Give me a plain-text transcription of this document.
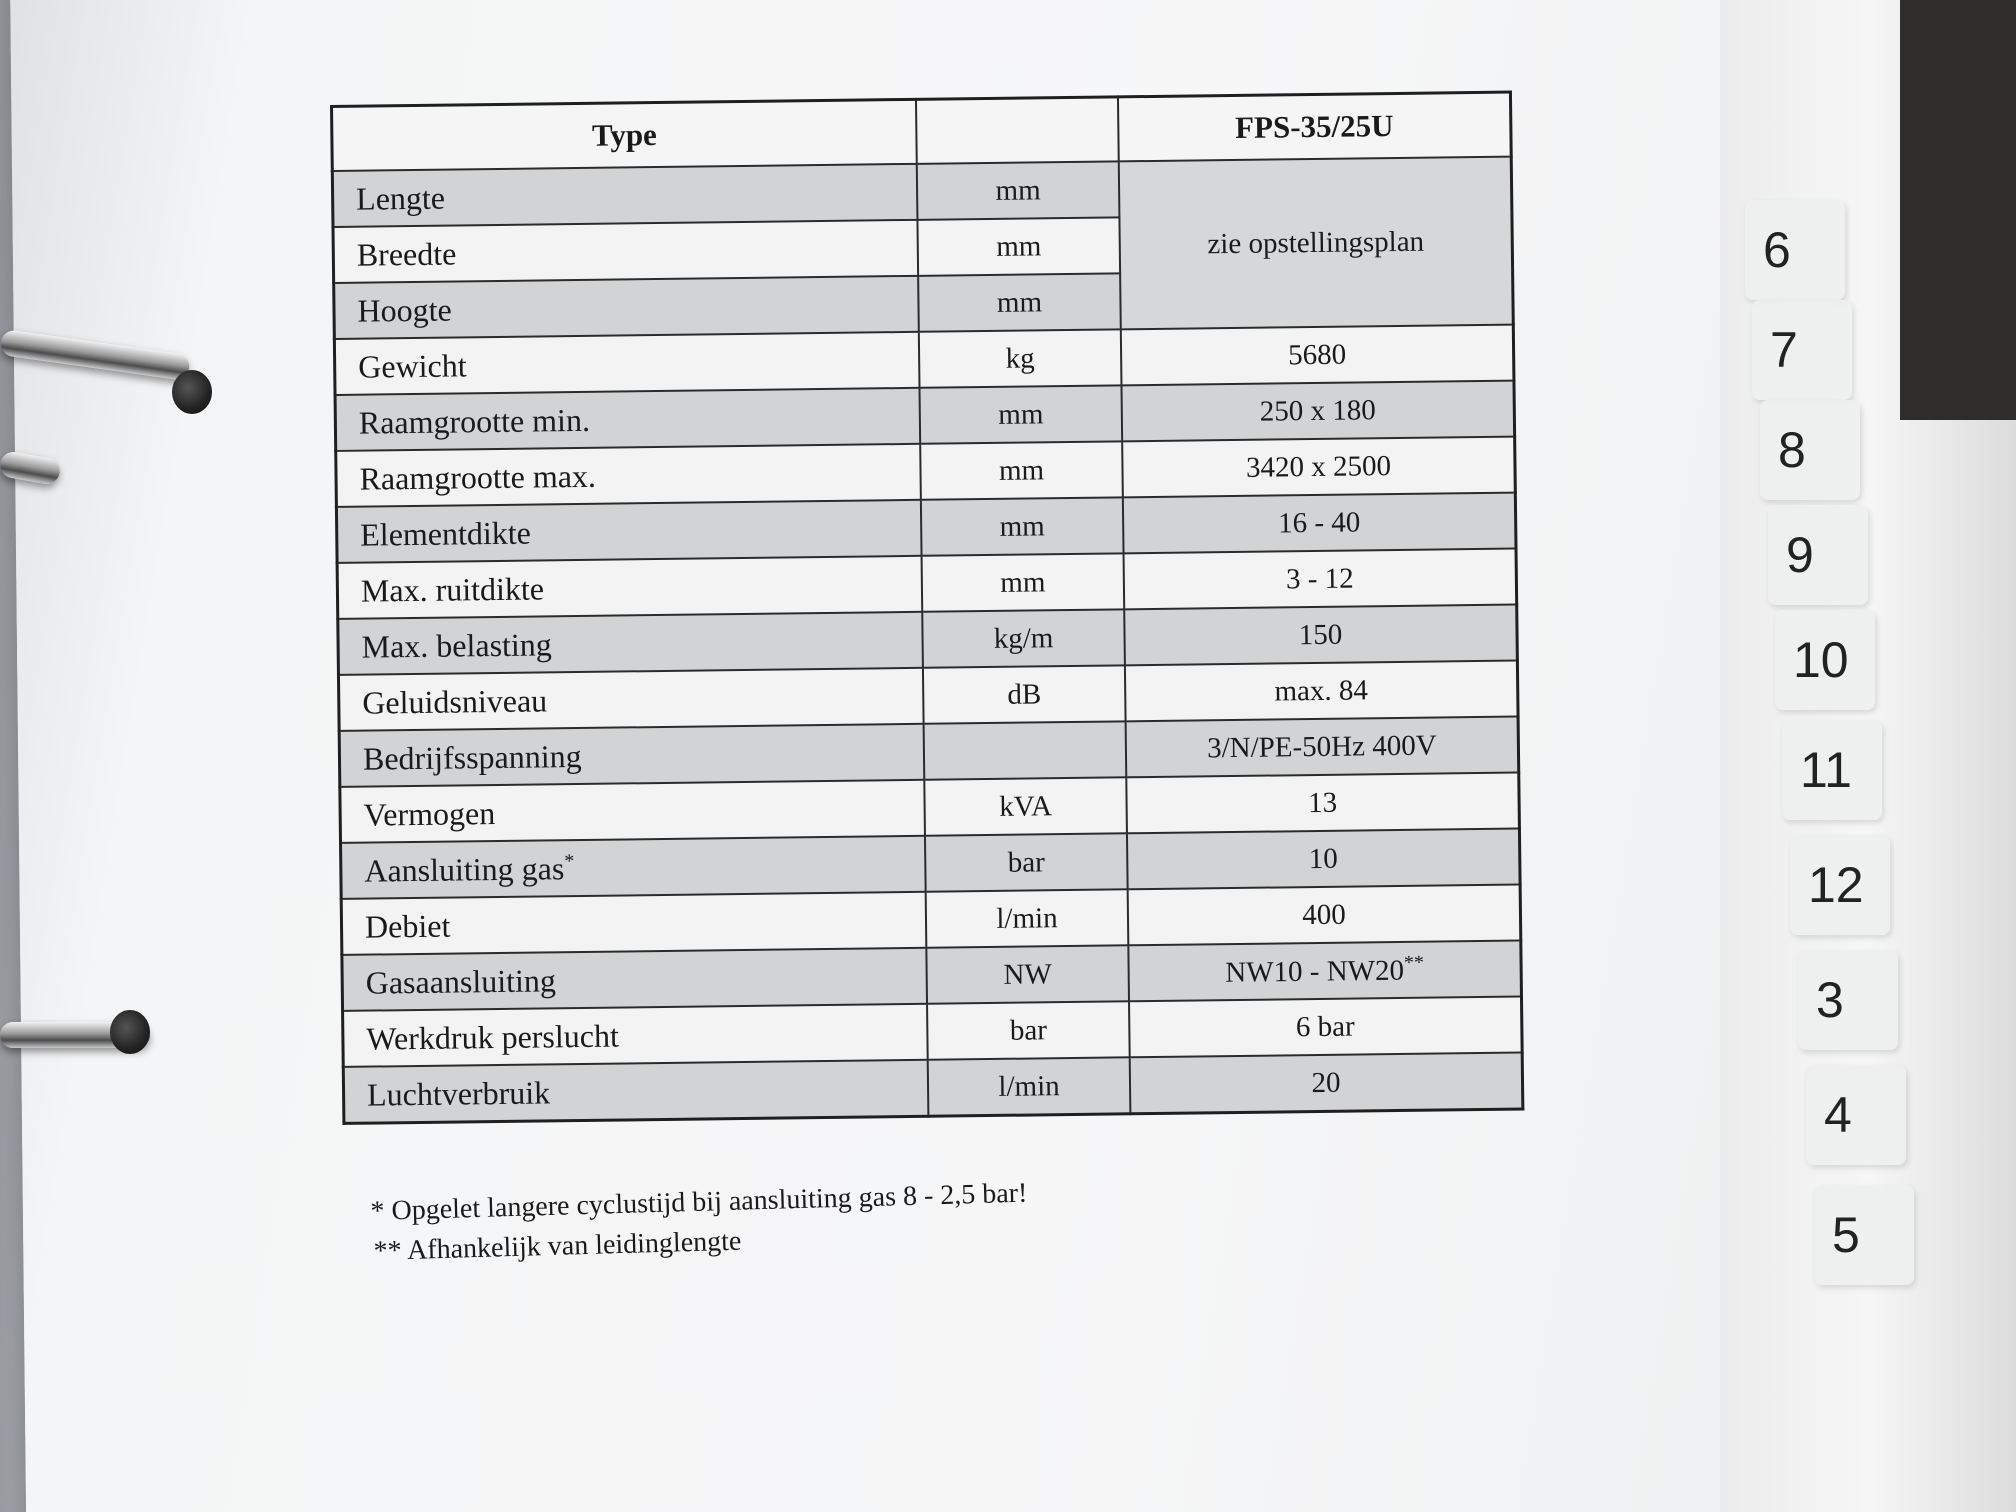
Type		FPS-35/25U
Lengte	mm	zie opstellingsplan
Breedte	mm	
Hoogte	mm	
Gewicht	kg	5680
Raamgrootte min.	mm	250 x 180
Raamgrootte max.	mm	3420 x 2500
Elementdikte	mm	16 - 40
Max. ruitdikte	mm	3 - 12
Max. belasting	kg/m	150
Geluidsniveau	dB	max. 84
Bedrijfsspanning		3/N/PE-50Hz 400V
Vermogen	kVA	13
Aansluiting gas*	bar	10
Debiet	l/min	400
Gasaansluiting	NW	NW10 - NW20**
Werkdruk perslucht	bar	6 bar
Luchtverbruik	l/min	20
* Opgelet langere cyclustijd bij aansluiting gas 8 - 2,5 bar!
** Afhankelijk van leidinglengte
6
7
8
9
10
11
12
3
4
5
